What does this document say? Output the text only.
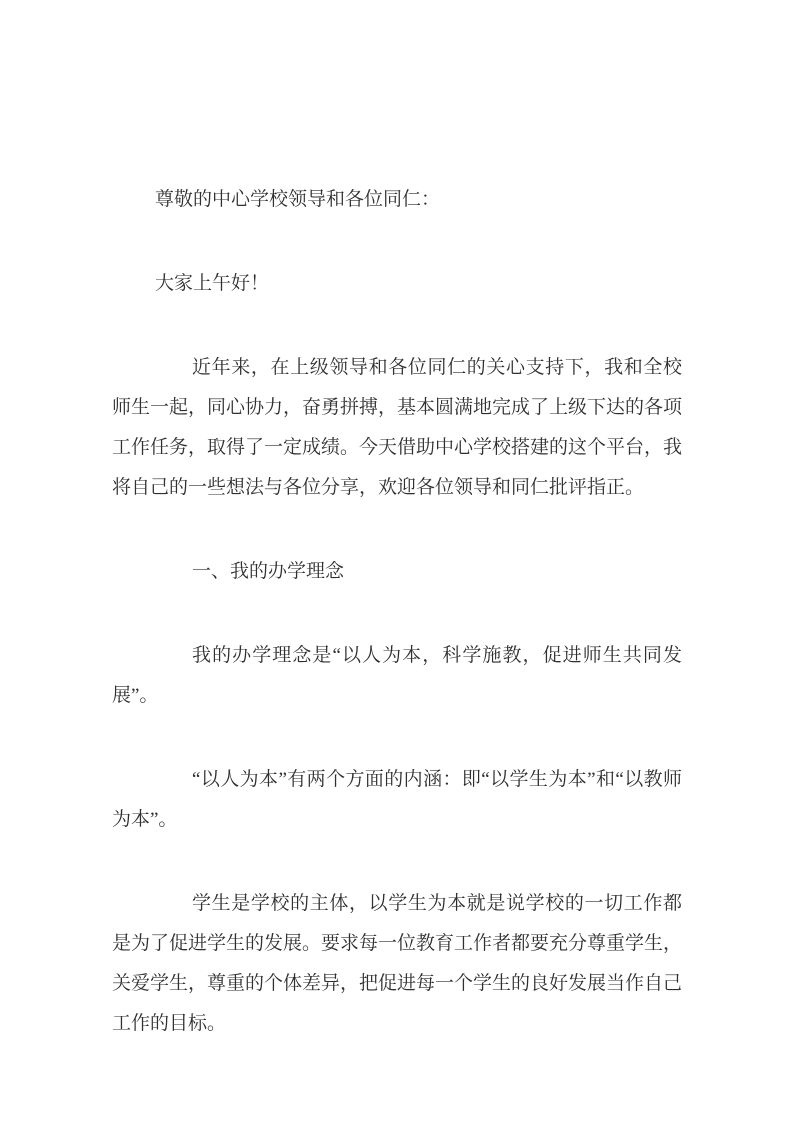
尊敬的中心学校领导和各位同仁：

大家上午好！

近年来，在上级领导和各位同仁的关心支持下，我和全校师生一起，同心协力，奋勇拼搏，基本圆满地完成了上级下达的各项工作任务，取得了一定成绩。今天借助中心学校搭建的这个平台，我将自己的一些想法与各位分享，欢迎各位领导和同仁批评指正。

一、我的办学理念

我的办学理念是“以人为本，科学施教，促进师生共同发展”。

“以人为本”有两个方面的内涵：即“以学生为本”和“以教师为本”。

学生是学校的主体，以学生为本就是说学校的一切工作都是为了促进学生的发展。要求每一位教育工作者都要充分尊重学生，关爱学生，尊重的个体差异，把促进每一个学生的良好发展当作自己工作的目标。
